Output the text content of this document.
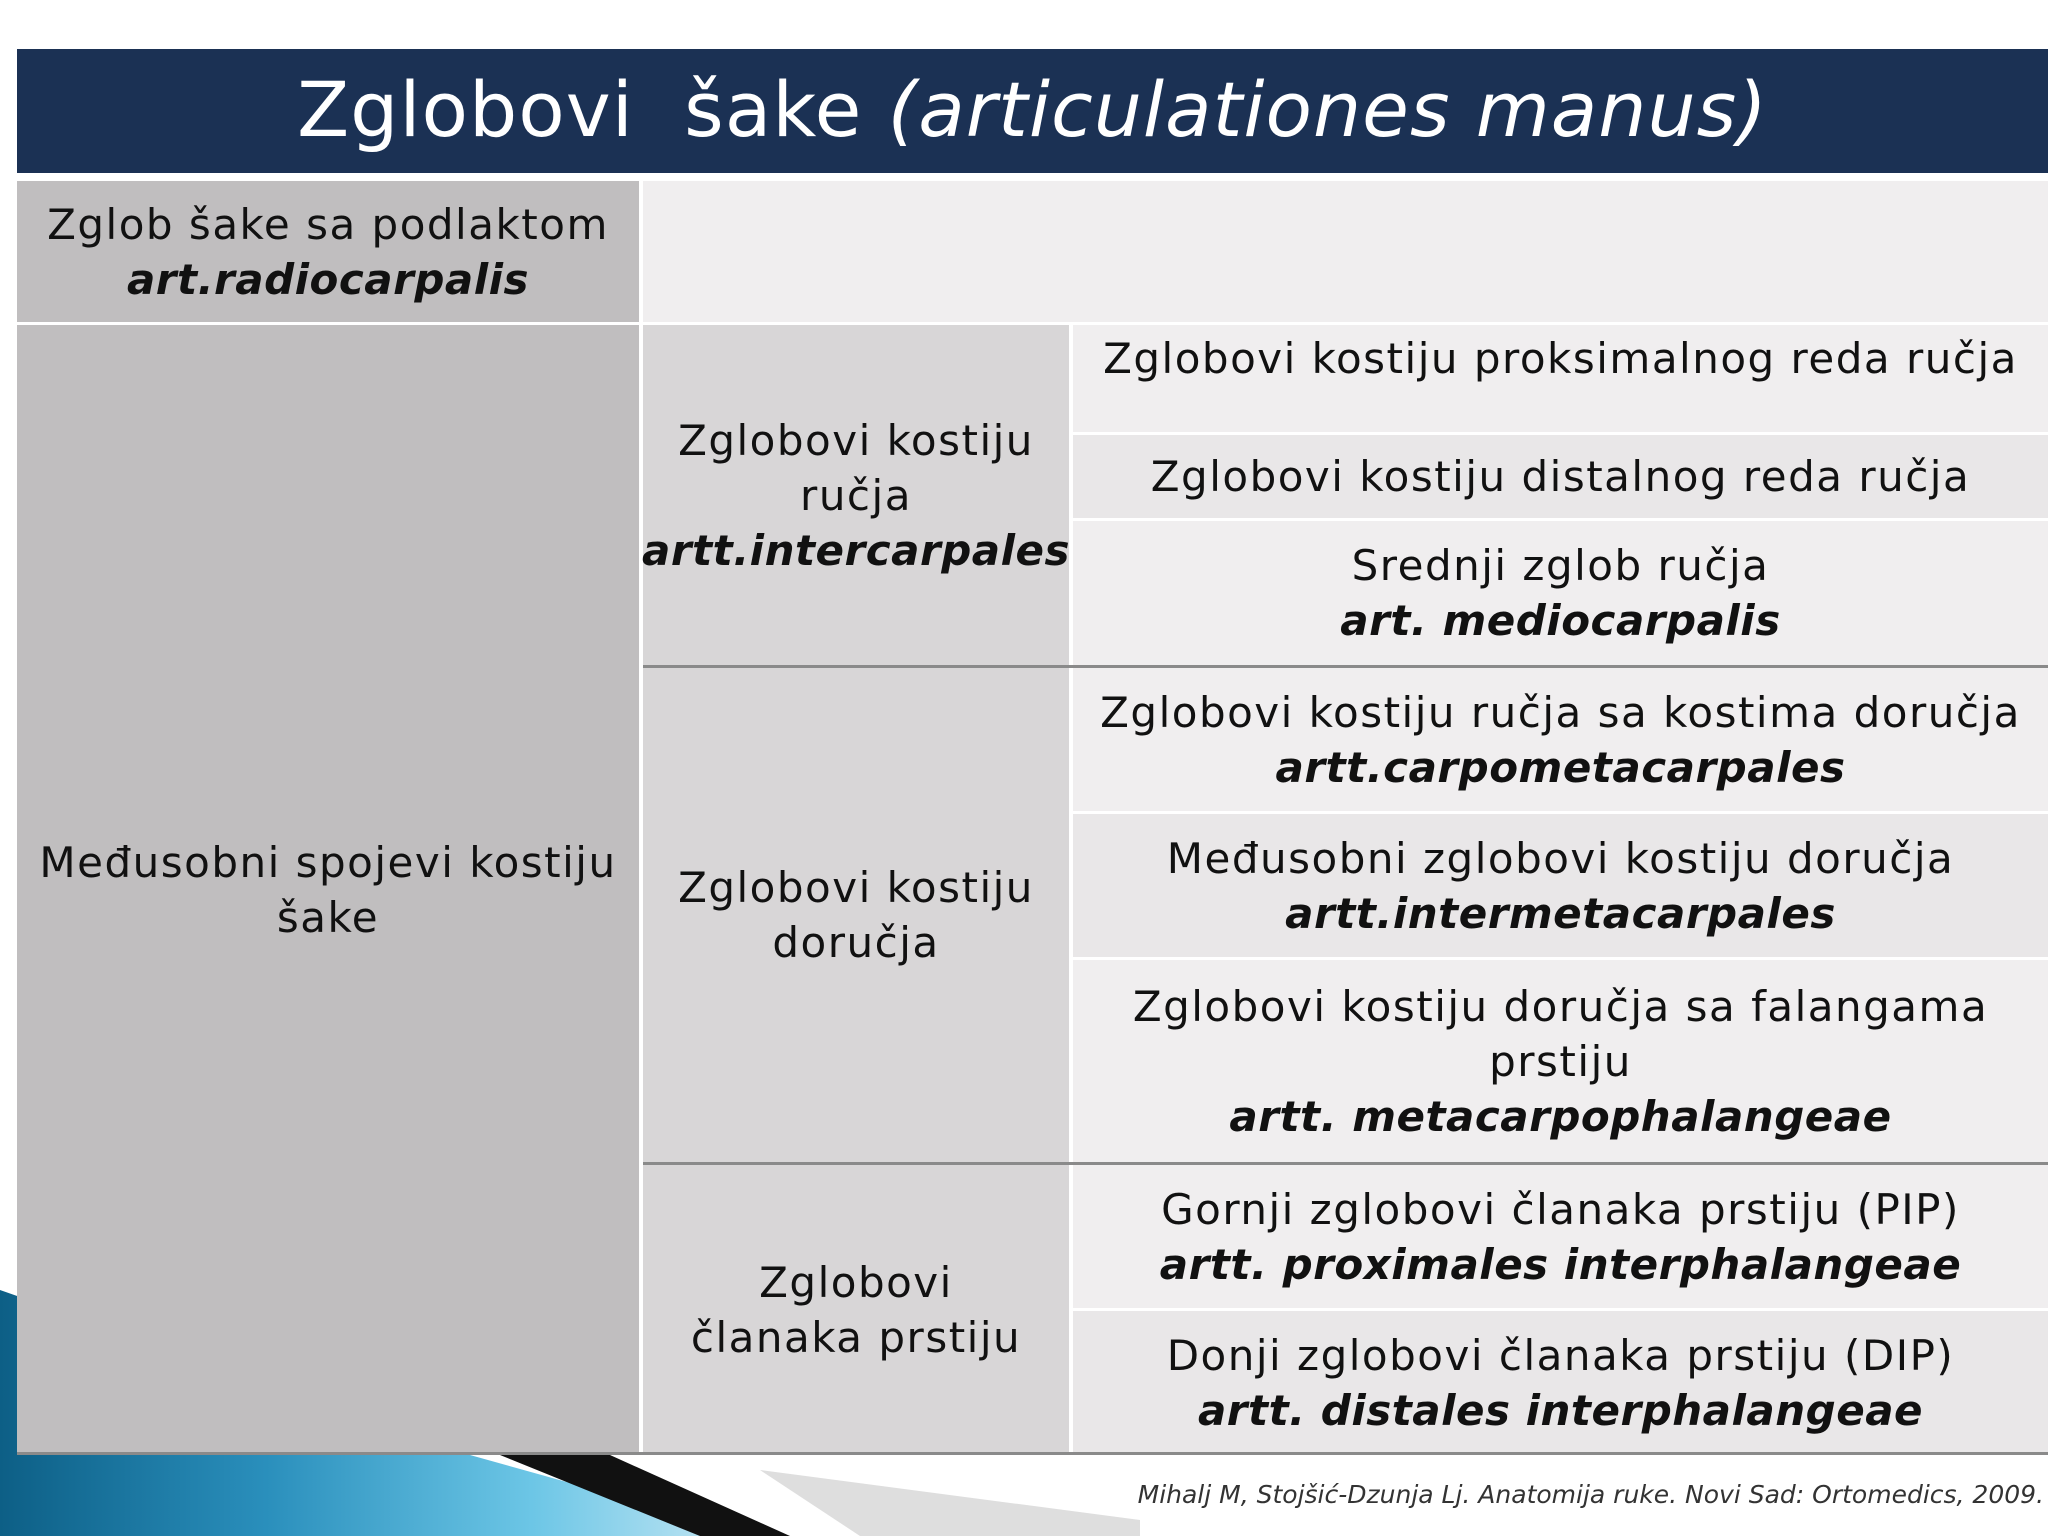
Zglobovi  šake (articulationes manus)
Zglob šake sa podlaktom
art.radiocarpalis
Međusobni spojevi kostiju šake
Zglobovi kostiju ručja
artt.intercarpales
Zglobovi kostiju doručja
Zglobovi članaka prstiju
Zglobovi kostiju proksimalnog reda ručja
Zglobovi kostiju distalnog reda ručja
Srednji zglob ručja
art. mediocarpalis
Zglobovi kostiju ručja sa kostima doručja
artt.carpometacarpales
Međusobni zglobovi kostiju doručja
artt.intermetacarpales
Zglobovi kostiju doručja sa falangama prstiju
artt. metacarpophalangeae
Gornji zglobovi članaka prstiju (PIP)
artt. proximales interphalangeae
Donji zglobovi članaka prstiju (DIP)
artt. distales interphalangeae
Mihalj M, Stojšić-Dzunja Lj. Anatomija ruke. Novi Sad: Ortomedics, 2009.
